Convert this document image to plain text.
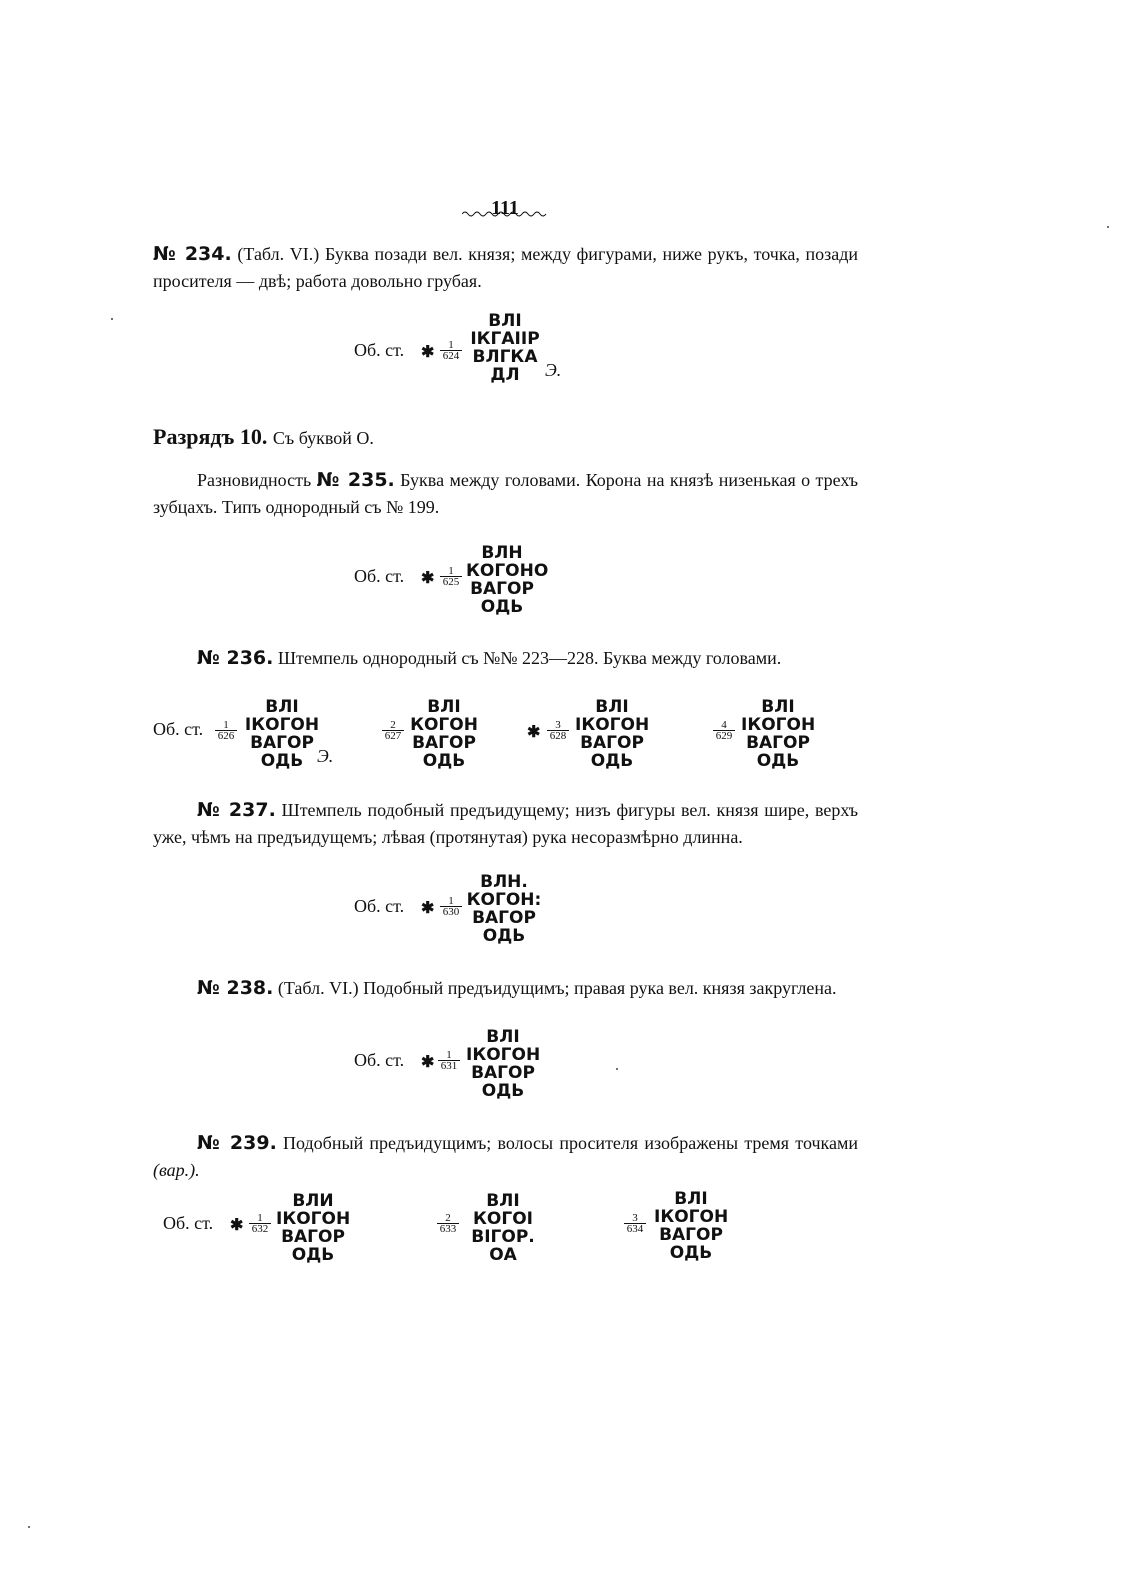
111
№ 234. (Табл. VI.) Буква позади вел. князя; между фигурами, ниже рукъ, точка, позади просителя — двѣ; работа довольно грубая.
Об. ст. ✱ $\frac{1}{624}$
ВЛІ
ІКГАІІР
ВЛГКА
ДЛ	Э.
Разрядъ 10. Съ буквой О.
Разновидность № 235. Буква между головами. Корона на князѣ низенькая о трехъ зубцахъ. Типъ однородный съ № 199.
Об. ст. ✱ $\frac{1}{625}$
ВЛН
КОГОНО
ВАГОР
ОДЬ
№ 236. Штемпель однородный съ №№ 223—228. Буква между головами.
Об. ст. $\frac{1}{626}$
ВЛІ
ІКОГОН
ВАГОР
ОДЬ Э.
$\frac{2}{627}$
ВЛІ
КОГОН
ВАГОР
ОДЬ
✱ $\frac{3}{628}$
ВЛІ
ІКОГОН
ВАГОР
ОДЬ
$\frac{4}{629}$
ВЛІ
ІКОГОН
ВАГОР
ОДЬ
№ 237. Штемпель подобный предъидущему; низъ фигуры вел. князя шире, верхъ уже, чѣмъ на предъидущемъ; лѣвая (протянутая) рука несоразмѣрно длинна.
Об. ст. ✱ $\frac{1}{630}$
ВЛН.
КОГОН:
ВАГОР
ОДЬ
№ 238. (Табл. VI.) Подобный предъидущимъ; правая рука вел. князя закруглена.
Об. ст. ✱ $\frac{1}{631}$
ВЛІ
ІКОГОН
ВАГОР
ОДЬ
№ 239. Подобный предъидущимъ; волосы просителя изображены тремя точками (вар.).
Об. ст. ✱ $\frac{1}{632}$
ВЛИ
ІКОГОН
ВАГОР
ОДЬ
$\frac{2}{633}$
ВЛІ
КОГОІ
ВІГОР.
ОА
$\frac{3}{634}$
ВЛІ
ІКОГОН
ВАГОР
ОДЬ
